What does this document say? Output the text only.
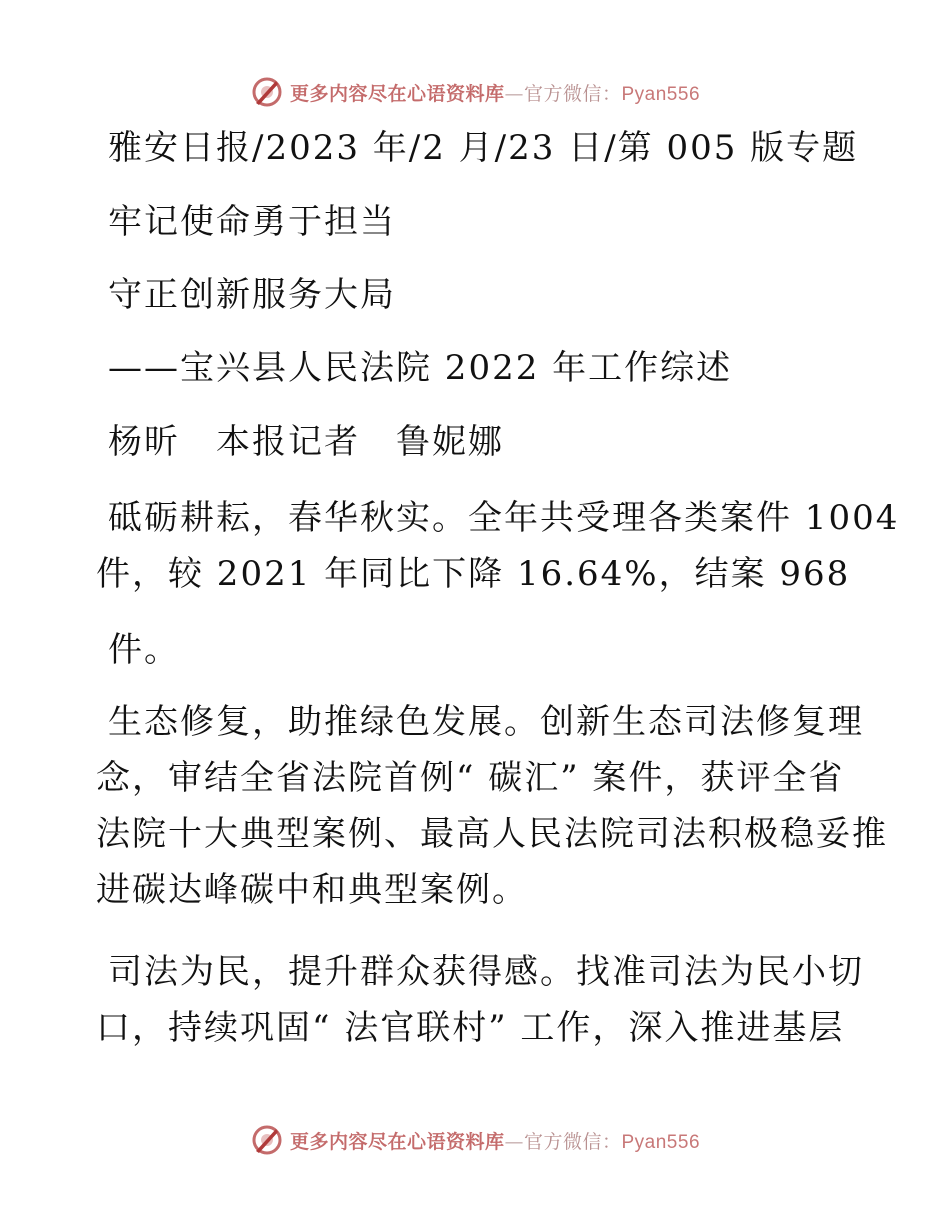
更多内容尽在心语资料库—官方微信：Pyan556
雅安日报/2023 年/2 月/23 日/第 005 版专题
牢记使命勇于担当
守正创新服务大局
——宝兴县人民法院 2022 年工作综述
杨昕　本报记者　鲁妮娜
砥砺耕耘，春华秋实。全年共受理各类案件 1004
件，较 2021 年同比下降 16.64%，结案 968
件。
生态修复，助推绿色发展。创新生态司法修复理
念，审结全省法院首例“ 碳汇” 案件，获评全省
法院十大典型案例、最高人民法院司法积极稳妥推
进碳达峰碳中和典型案例。
司法为民，提升群众获得感。找准司法为民小切
口，持续巩固“ 法官联村” 工作，深入推进基层
更多内容尽在心语资料库—官方微信：Pyan556
